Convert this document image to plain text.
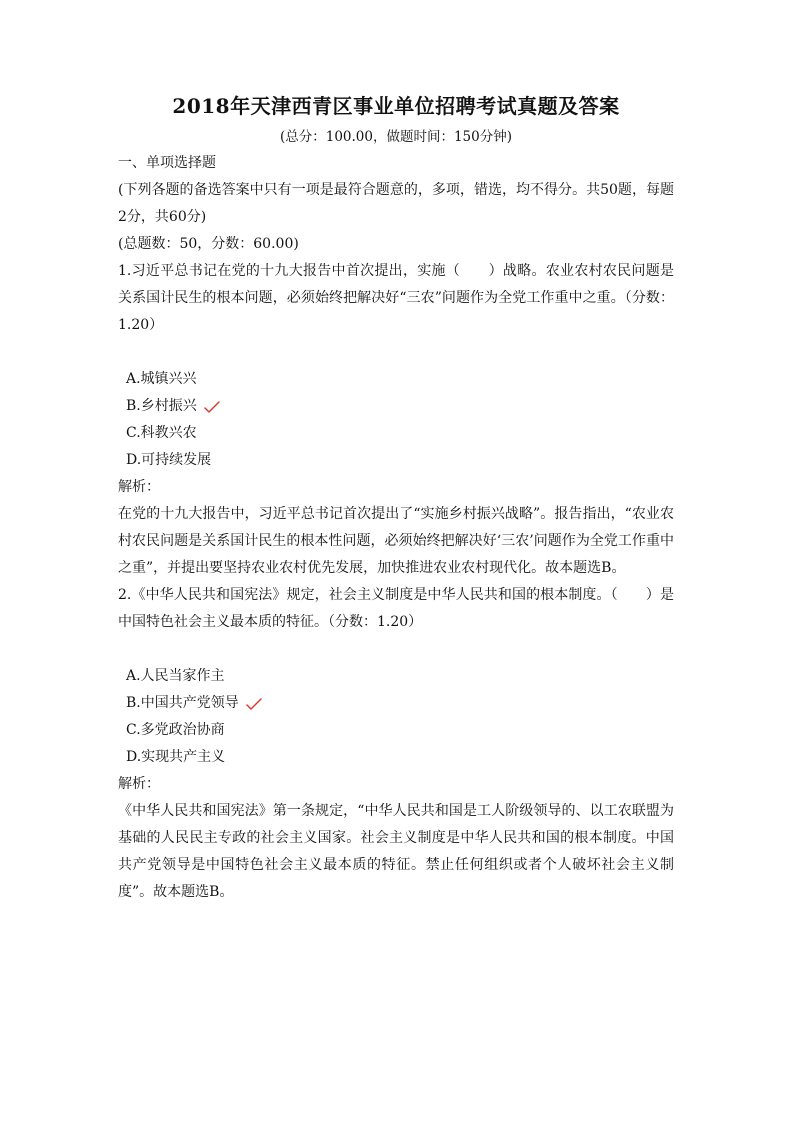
2018年天津西青区事业单位招聘考试真题及答案
(总分：100.00，做题时间：150分钟)
一、单项选择题
(下列各题的备选答案中只有一项是最符合题意的，多项，错选，均不得分。共50题，每题2分，共60分)
(总题数：50，分数：60.00)
1.习近平总书记在党的十九大报告中首次提出，实施（　　）战略。农业农村农民问题是关系国计民生的根本问题，必须始终把解决好“三农”问题作为全党工作重中之重。（分数：1.20）
A.城镇兴兴
B.乡村振兴
C.科教兴农
D.可持续发展
解析：
在党的十九大报告中，习近平总书记首次提出了“实施乡村振兴战略”。报告指出，“农业农村农民问题是关系国计民生的根本性问题，必须始终把解决好‘三农’问题作为全党工作重中之重”，并提出要坚持农业农村优先发展，加快推进农业农村现代化。故本题选B。
2.《中华人民共和国宪法》规定，社会主义制度是中华人民共和国的根本制度。（　　）是中国特色社会主义最本质的特征。（分数：1.20）
A.人民当家作主
B.中国共产党领导
C.多党政治协商
D.实现共产主义
解析：
《中华人民共和国宪法》第一条规定，“中华人民共和国是工人阶级领导的、以工农联盟为基础的人民民主专政的社会主义国家。社会主义制度是中华人民共和国的根本制度。中国共产党领导是中国特色社会主义最本质的特征。禁止任何组织或者个人破坏社会主义制度”。故本题选B。
